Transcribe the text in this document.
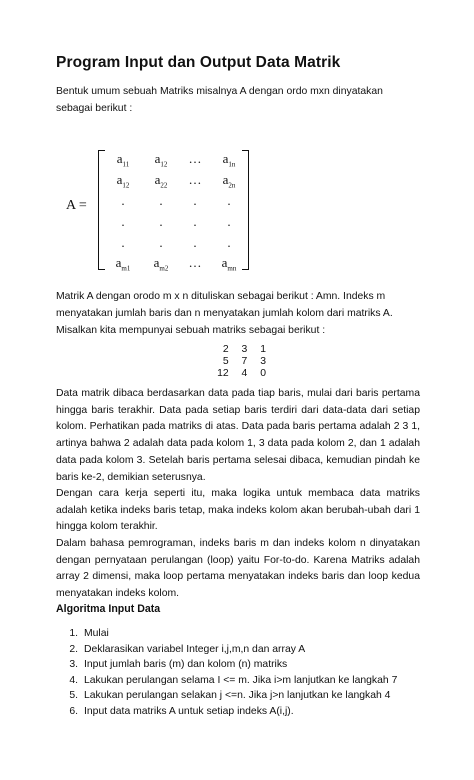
Program Input dan Output Data Matrik

Bentuk umum sebuah Matriks misalnya A dengan ordo mxn dinyatakan sebagai berikut :

A =
$a_{11}$	$a_{12}$	…	$a_{1n}$
$a_{12}$	$a_{22}$	…	$a_{2n}$
.	.	.	.
.	.	.	.
.	.	.	.
$a_{m1}$	$a_{m2}$	…	$a_{mn}$

Matrik A dengan orodo m x n dituliskan sebagai berikut : Amn. Indeks m menyatakan jumlah baris dan n menyatakan jumlah kolom dari matriks A.

Misalkan kita mempunyai sebuah matriks sebagai berikut :

2	3	1
5	7	3
12	4	0

Data matrik dibaca berdasarkan data pada tiap baris, mulai dari baris pertama hingga baris terakhir. Data pada setiap baris terdiri dari data-data dari setiap kolom. Perhatikan pada matriks di atas. Data pada baris pertama adalah 2 3 1, artinya bahwa 2 adalah data pada kolom 1, 3 data pada kolom 2, dan 1 adalah data pada kolom 3. Setelah baris pertama selesai dibaca, kemudian pindah ke baris ke-2, demikian seterusnya.

Dengan cara kerja seperti itu, maka logika untuk membaca data matriks adalah ketika indeks baris tetap, maka indeks kolom akan berubah-ubah dari 1 hingga kolom terakhir.

Dalam bahasa pemrograman, indeks baris m dan indeks kolom n dinyatakan dengan pernyataan perulangan (loop) yaitu For-to-do. Karena Matriks adalah array 2 dimensi, maka loop pertama menyatakan indeks baris dan loop kedua menyatakan indeks kolom.

Algoritma Input Data
1. Mulai
2. Deklarasikan variabel Integer i,j,m,n dan array A
3. Input jumlah baris (m) dan kolom (n) matriks
4. Lakukan perulangan selama I <= m. Jika i>m lanjutkan ke langkah 7
5. Lakukan perulangan selakan j <=n. Jika j>n lanjutkan ke langkah 4
6. Input data matriks A untuk setiap indeks A(i,j).
